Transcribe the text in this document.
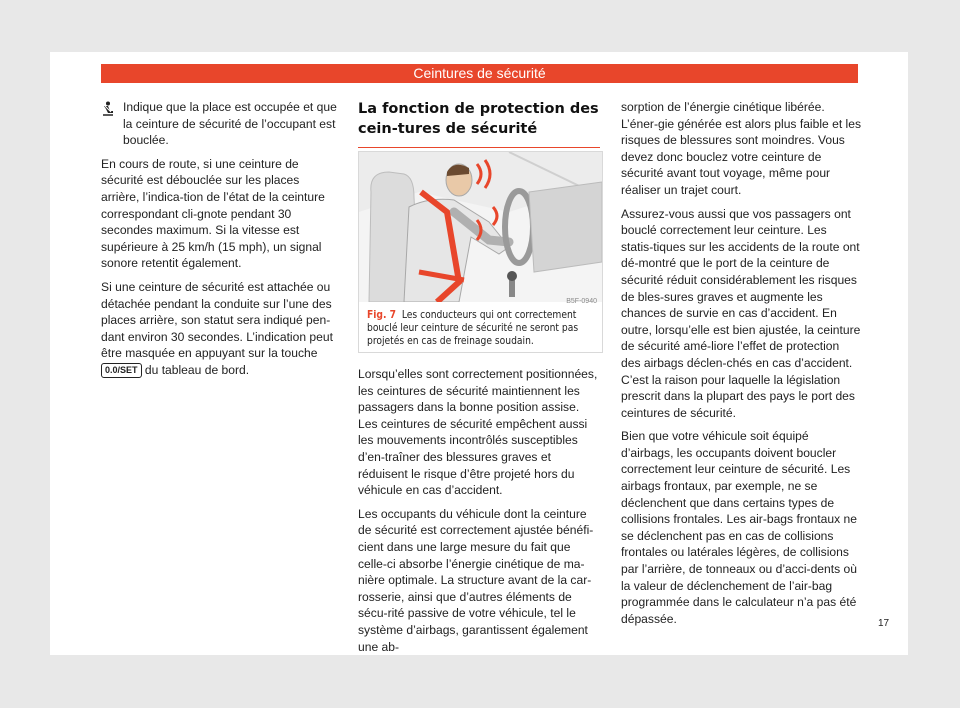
Ceintures de sécurité

Indique que la place est occupée et que la ceinture de sécurité de l’occupant est bouclée.

En cours de route, si une ceinture de sécurité est débouclée sur les places arrière, l’indica-tion de l’état de la ceinture correspondant cli-gnote pendant 30 secondes maximum. Si la vitesse est supérieure à 25 km/h (15 mph), un signal sonore retentit également.

Si une ceinture de sécurité est attachée ou détachée pendant la conduite sur l’une des places arrière, son statut sera indiqué pen-dant environ 30 secondes. L’indication peut être masquée en appuyant sur la touche 0.0/SET du tableau de bord.

La fonction de protection des cein-tures de sécurité
B5F-0940
Fig. 7 Les conducteurs qui ont correctement bouclé leur ceinture de sécurité ne seront pas projetés en cas de freinage soudain.

Lorsqu’elles sont correctement positionnées, les ceintures de sécurité maintiennent les passagers dans la bonne position assise. Les ceintures de sécurité empêchent aussi les mouvements incontrôlés susceptibles d’en-traîner des blessures graves et réduisent le risque d’être projeté hors du véhicule en cas d’accident.

Les occupants du véhicule dont la ceinture de sécurité est correctement ajustée bénéfi-cient dans une large mesure du fait que celle-ci absorbe l’énergie cinétique de ma-nière optimale. La structure avant de la car-rosserie, ainsi que d’autres éléments de sécu-rité passive de votre véhicule, tel le système d’airbags, garantissent également une ab-

sorption de l’énergie cinétique libérée. L’éner-gie générée est alors plus faible et les risques de blessures sont moindres. Vous devez donc bouclez votre ceinture de sécurité avant tout voyage, même pour réaliser un trajet court.

Assurez-vous aussi que vos passagers ont bouclé correctement leur ceinture. Les statis-tiques sur les accidents de la route ont dé-montré que le port de la ceinture de sécurité réduit considérablement les risques de bles-sures graves et augmente les chances de survie en cas d’accident. En outre, lorsqu’elle est bien ajustée, la ceinture de sécurité amé-liore l’effet de protection des airbags déclen-chés en cas d’accident. C’est la raison pour laquelle la législation prescrit dans la plupart des pays le port des ceintures de sécurité.

Bien que votre véhicule soit équipé d’airbags, les occupants doivent boucler correctement leur ceinture de sécurité. Les airbags frontaux, par exemple, ne se déclenchent que dans certains types de collisions frontales. Les air-bags frontaux ne se déclenchent pas en cas de collisions frontales ou latérales légères, de collisions par l’arrière, de tonneaux ou d’acci-dents où la valeur de déclenchement de l’air-bag programmée dans le calculateur n’a pas été dépassée.	17
